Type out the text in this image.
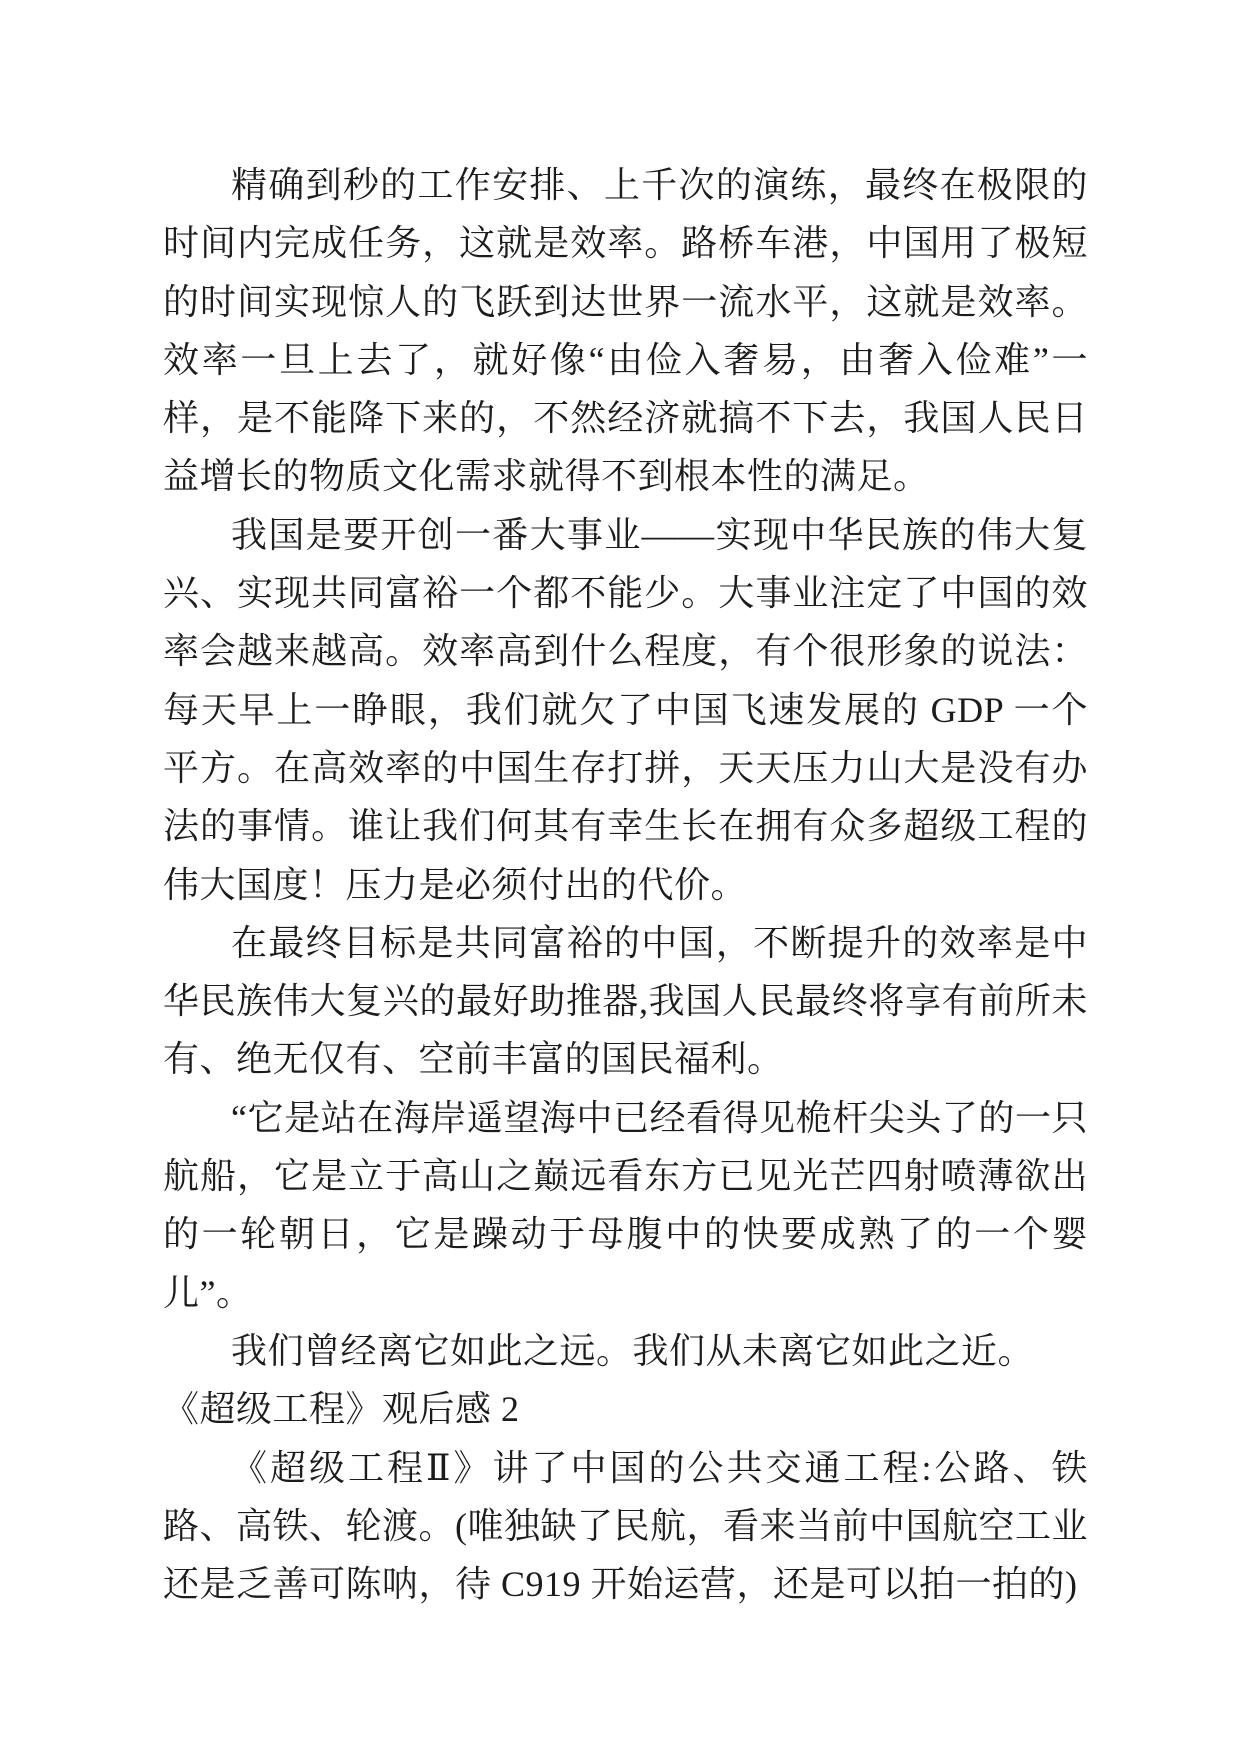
精确到秒的工作安排、上千次的演练，最终在极限的时间内完成任务，这就是效率。路桥车港，中国用了极短的时间实现惊人的飞跃到达世界一流水平，这就是效率。效率一旦上去了，就好像“由俭入奢易，由奢入俭难”一样，是不能降下来的，不然经济就搞不下去，我国人民日益增长的物质文化需求就得不到根本性的满足。

我国是要开创一番大事业——实现中华民族的伟大复兴、实现共同富裕一个都不能少。大事业注定了中国的效率会越来越高。效率高到什么程度，有个很形象的说法：每天早上一睁眼，我们就欠了中国飞速发展的 GDP 一个平方。在高效率的中国生存打拼，天天压力山大是没有办法的事情。谁让我们何其有幸生长在拥有众多超级工程的伟大国度！压力是必须付出的代价。

在最终目标是共同富裕的中国，不断提升的效率是中华民族伟大复兴的最好助推器,我国人民最终将享有前所未有、绝无仅有、空前丰富的国民福利。

“它是站在海岸遥望海中已经看得见桅杆尖头了的一只航船，它是立于高山之巅远看东方已见光芒四射喷薄欲出的一轮朝日，它是躁动于母腹中的快要成熟了的一个婴儿”。

我们曾经离它如此之远。我们从未离它如此之近。

《超级工程》观后感 2

《超级工程Ⅱ》讲了中国的公共交通工程:公路、铁路、高铁、轮渡。(唯独缺了民航，看来当前中国航空工业还是乏善可陈呐，待 C919 开始运营，还是可以拍一拍的)
